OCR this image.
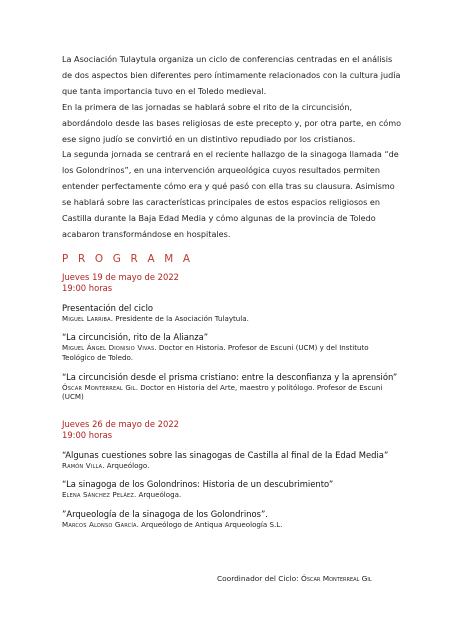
La Asociación Tulaytula organiza un ciclo de conferencias centradas en el análisis de dos aspectos bien diferentes pero íntimamente relacionados con la cultura judía que tanta importancia tuvo en el Toledo medieval.

En la primera de las jornadas se hablará sobre el rito de la circuncisión, abordándolo desde las bases religiosas de este precepto y, por otra parte, en cómo ese signo judío se convirtió en un distintivo repudiado por los cristianos.

La segunda jornada se centrará en el reciente hallazgo de la sinagoga llamada “de los Golondrinos”, en una intervención arqueológica cuyos resultados permiten entender perfectamente cómo era y qué pasó con ella tras su clausura. Asimismo se hablará sobre las características principales de estos espacios religiosos en Castilla durante la Baja Edad Media y cómo algunas de la provincia de Toledo acabaron transformándose en hospitales.

P R O G R A M A
Jueves 19 de mayo de 2022
19:00 horas
Presentación del ciclo
Miguel Larriba. Presidente de la Asociación Tulaytula.
“La circuncisión, rito de la Alianza”
Miguel Ángel Dionisio Vivas. Doctor en Historia. Profesor de Escuni (UCM) y del Instituto Teológico de Toledo.
“La circuncisión desde el prisma cristiano: entre la desconfianza y la aprensión”
Óscar Monterreal Gil. Doctor en Historia del Arte, maestro y politólogo. Profesor de Escuni (UCM)
Jueves 26 de mayo de 2022
19:00 horas
“Algunas cuestiones sobre las sinagogas de Castilla al final de la Edad Media”
Ramón Villa. Arqueólogo.
“La sinagoga de los Golondrinos: Historia de un descubrimiento”
Elena Sánchez Peláez. Arqueóloga.
”Arqueología de la sinagoga de los Golondrinos”.
Marcos Alonso García. Arqueólogo de Antiqua Arqueología S.L.
Coordinador del Ciclo: Óscar Monterreal Gil
